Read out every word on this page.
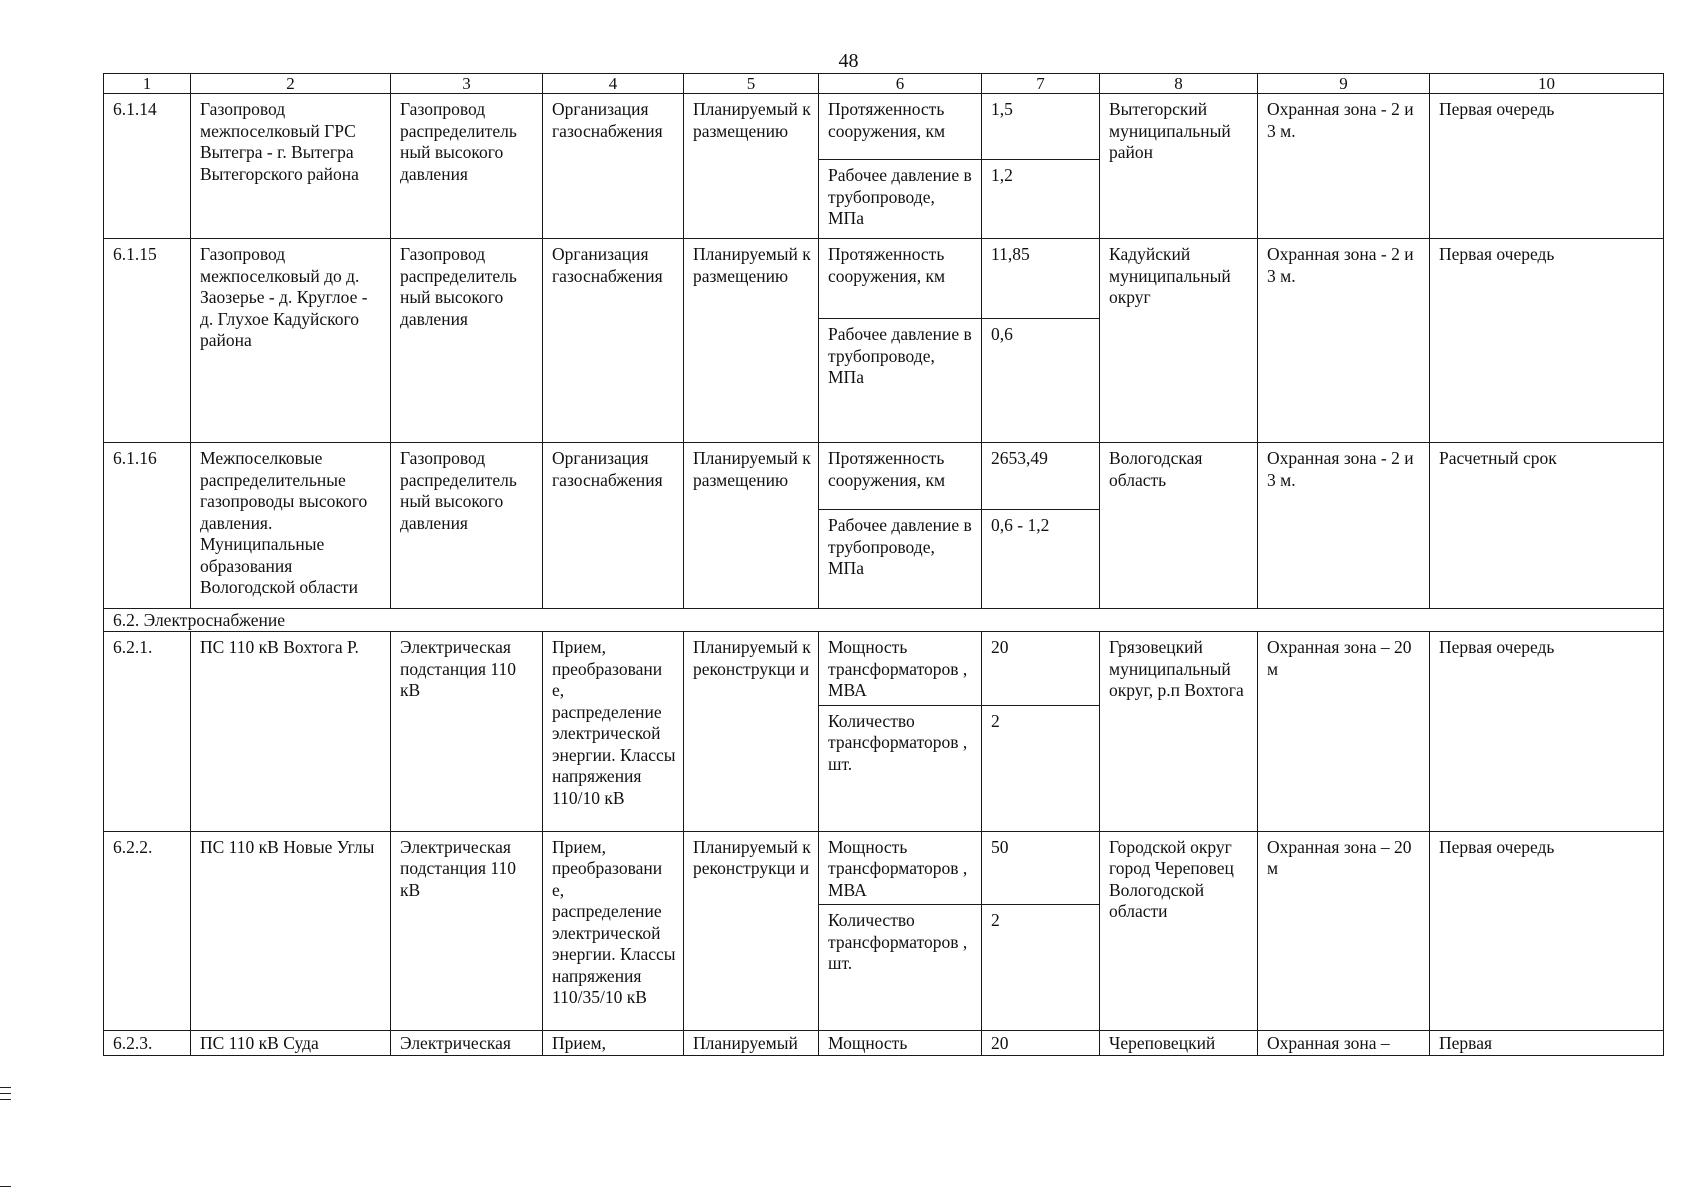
48
1	2	3	4	5	6	7	8	9	10
6.1.14	Газопровод межпоселковый ГРС Вытегра - г. Вытегра Вытегорского района	Газопровод распределитель ный высокого давления	Организация газоснабжения	Планируемый к размещению	Протяженность сооружения, км	1,5	Вытегорский муниципальный район	Охранная зона - 2 и 3 м.	Первая очередь
					Рабочее давление в трубопроводе, МПа	1,2			
6.1.15	Газопровод межпоселковый до д. Заозерье - д. Круглое - д. Глухое Кадуйского района	Газопровод распределитель ный высокого давления	Организация газоснабжения	Планируемый к размещению	Протяженность сооружения, км	11,85	Кадуйский муниципальный округ	Охранная зона - 2 и 3 м.	Первая очередь
					Рабочее давление в трубопроводе, МПа	0,6			
6.1.16	Межпоселковые распределительные газопроводы высокого давления. Муниципальные образования Вологодской области	Газопровод распределитель ный высокого давления	Организация газоснабжения	Планируемый к размещению	Протяженность сооружения, км	2653,49	Вологодская область	Охранная зона - 2 и 3 м.	Расчетный срок
					Рабочее давление в трубопроводе, МПа	0,6 - 1,2			
6.2. Электроснабжение									
6.2.1.	ПС 110 кВ Вохтога Р.	Электрическая подстанция 110 кВ	Прием, преобразовани е, распределение электрической энергии. Классы напряжения 110/10 кВ	Планируемый к реконструкци и	Мощность трансформаторов , МВА	20	Грязовецкий муниципальный округ, р.п Вохтога	Охранная зона – 20 м	Первая очередь
					Количество трансформаторов , шт.	2			
6.2.2.	ПС 110 кВ Новые Углы	Электрическая подстанция 110 кВ	Прием, преобразовани е, распределение электрической энергии. Классы напряжения 110/35/10 кВ	Планируемый к реконструкци и	Мощность трансформаторов , МВА	50	Городской округ город Череповец Вологодской области	Охранная зона – 20 м	Первая очередь
					Количество трансформаторов , шт.	2			
6.2.3.	ПС 110 кВ Суда	Электрическая	Прием,	Планируемый	Мощность	20	Череповецкий	Охранная зона –	Первая
